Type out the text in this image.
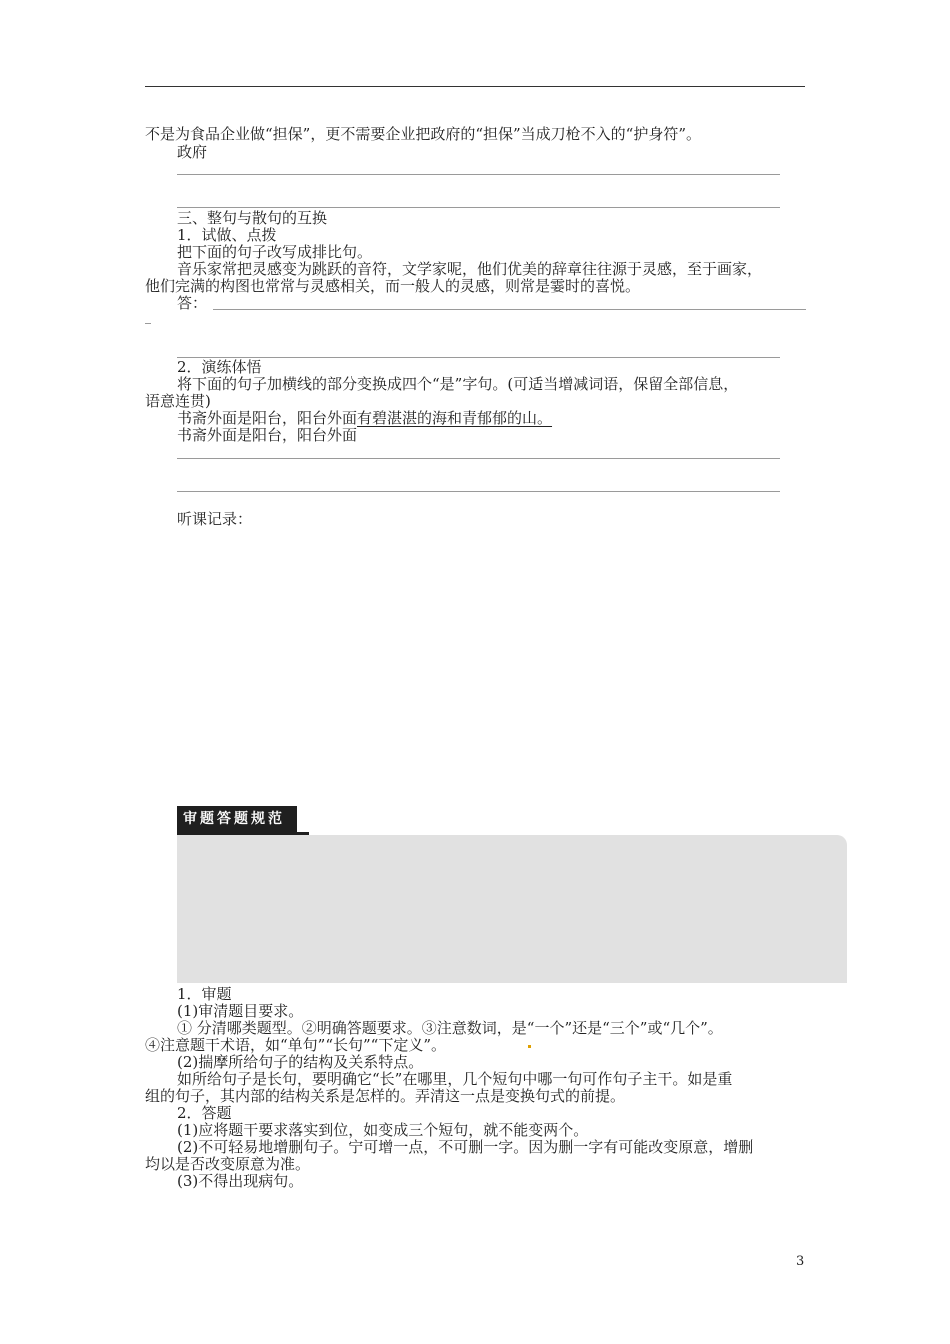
不是为食品企业做“担保”，更不需要企业把政府的“担保”当成刀枪不入的“护身符”。
政府
三、整句与散句的互换
1．试做、点拨
把下面的句子改写成排比句。
音乐家常把灵感变为跳跃的音符，文学家呢，他们优美的辞章往往源于灵感，至于画家，
他们完满的构图也常常与灵感相关，而一般人的灵感，则常是霎时的喜悦。
答：
2．演练体悟
将下面的句子加横线的部分变换成四个“是”字句。(可适当增减词语，保留全部信息，
语意连贯)
书斋外面是阳台，阳台外面有碧湛湛的海和青郁郁的山。
书斋外面是阳台，阳台外面
听课记录：
审题答题规范
1．审题
(1)审清题目要求。
① 分清哪类题型。②明确答题要求。③注意数词，是“一个”还是“三个”或“几个”。
④注意题干术语，如“单句”“长句”“下定义”。
(2)揣摩所给句子的结构及关系特点。
如所给句子是长句，要明确它“长”在哪里，几个短句中哪一句可作句子主干。如是重
组的句子，其内部的结构关系是怎样的。弄清这一点是变换句式的前提。
2．答题
(1)应将题干要求落实到位，如变成三个短句，就不能变两个。
(2)不可轻易地增删句子。宁可增一点，不可删一字。因为删一字有可能改变原意，增删
均以是否改变原意为准。
(3)不得出现病句。
3
